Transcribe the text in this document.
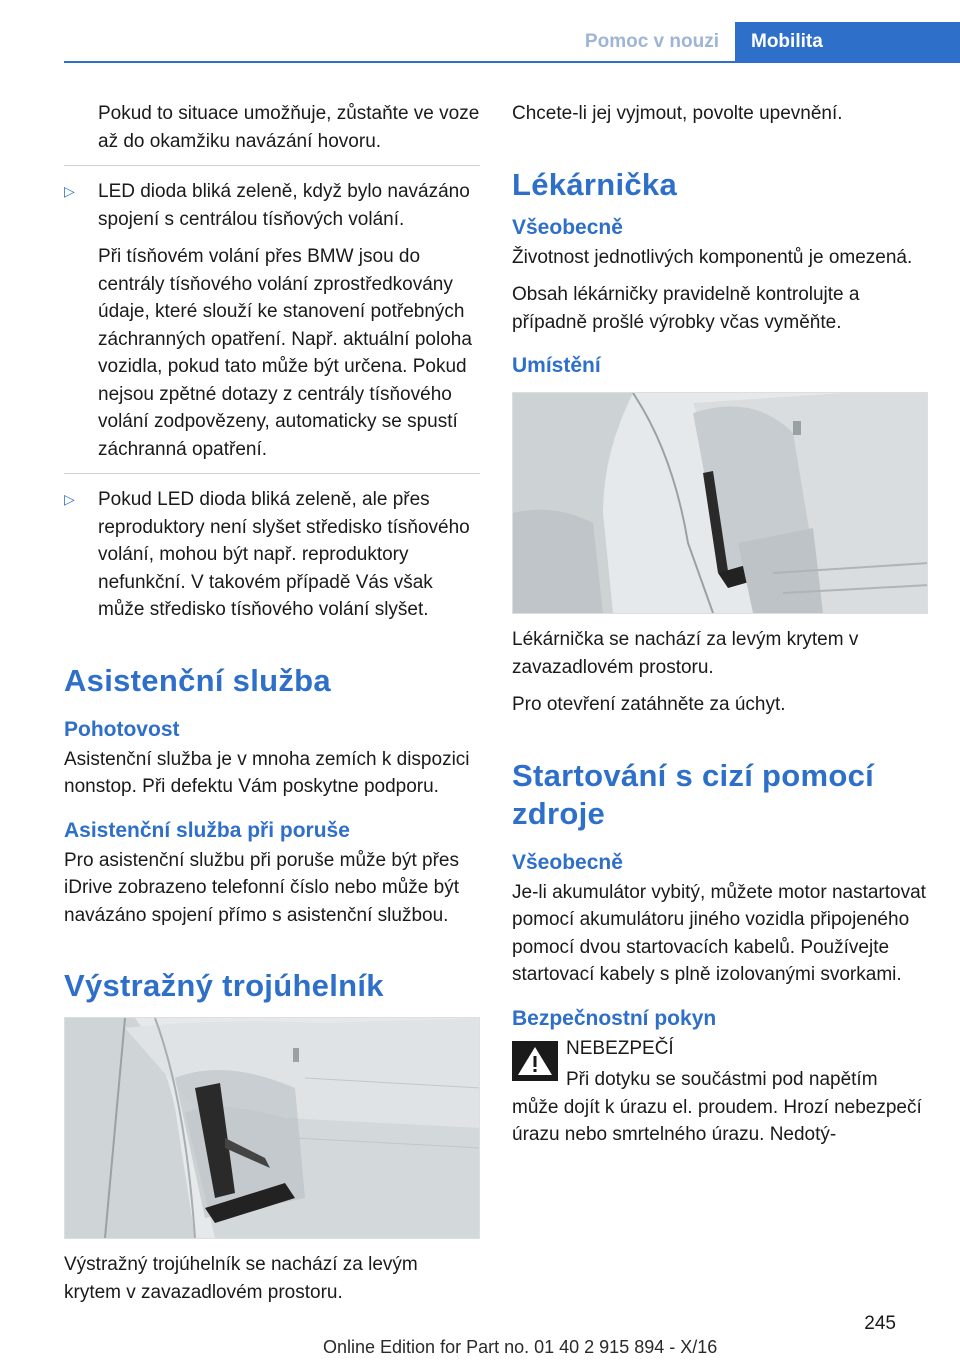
Pomoc v nouzi	Mobilita

Pokud to situace umožňuje, zůstaňte ve voze až do okamžiku navázání hovoru.

▷ LED dioda bliká zeleně, když bylo navázáno spojení s centrálou tísňových volání.

Při tísňovém volání přes BMW jsou do centrály tísňového volání zprostředkovány údaje, které slouží ke stanovení potřebných záchranných opatření. Např. aktuální poloha vozidla, pokud tato může být určena. Pokud nejsou zpětné dotazy z centrály tísňového volání zodpovězeny, automaticky se spustí záchranná opatření.

▷ Pokud LED dioda bliká zeleně, ale přes reproduktory není slyšet středisko tísňového volání, mohou být např. reproduktory nefunkční. V takovém případě Vás však může středisko tísňového volání slyšet.

Asistenční služba
Pohotovost

Asistenční služba je v mnoha zemích k dispozici nonstop. Při defektu Vám poskytne podporu.

Asistenční služba při poruše

Pro asistenční službu při poruše může být přes iDrive zobrazeno telefonní číslo nebo může být navázáno spojení přímo s asistenční službou.

Výstražný trojúhelník

Výstražný trojúhelník se nachází za levým krytem v zavazadlovém prostoru.

Chcete-li jej vyjmout, povolte upevnění.

Lékárnička
Všeobecně

Životnost jednotlivých komponentů je omezená.

Obsah lékárničky pravidelně kontrolujte a případně prošlé výrobky včas vyměňte.

Umístění

Lékárnička se nachází za levým krytem v zavazadlovém prostoru.

Pro otevření zatáhněte za úchyt.

Startování s cizí pomocí zdroje
Všeobecně

Je-li akumulátor vybitý, můžete motor nastartovat pomocí akumulátoru jiného vozidla připojeného pomocí dvou startovacích kabelů. Používejte startovací kabely s plně izolovanými svorkami.

Bezpečnostní pokyn

NEBEZPEČÍ

Při dotyku se součástmi pod napětím může dojít k úrazu el. proudem. Hrozí nebezpečí úrazu nebo smrtelného úrazu. Nedotý-

245
Online Edition for Part no. 01 40 2 915 894 - X/16
